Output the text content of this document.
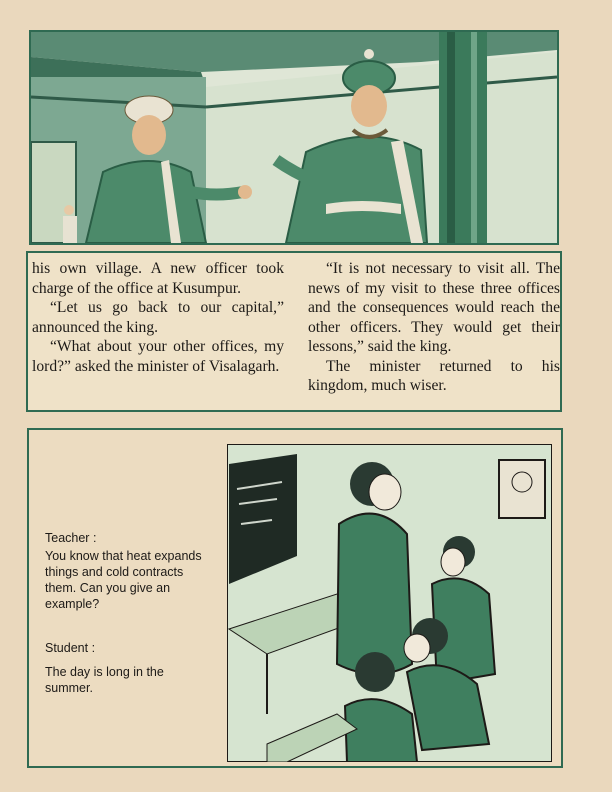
his own village. A new officer took charge of the office at Kusumpur.

“Let us go back to our capital,” announced the king.

“What about your other offices, my lord?” asked the minister of Visalagarh.

“It is not necessary to visit all. The news of my visit to these three offices and the consequences would reach the other officers. They would get their lessons,” said the king.

The minister returned to his kingdom, much wiser.

Teacher :
You know that heat expands things and cold contracts them. Can you give an example?
Student :
The day is long in the summer.
